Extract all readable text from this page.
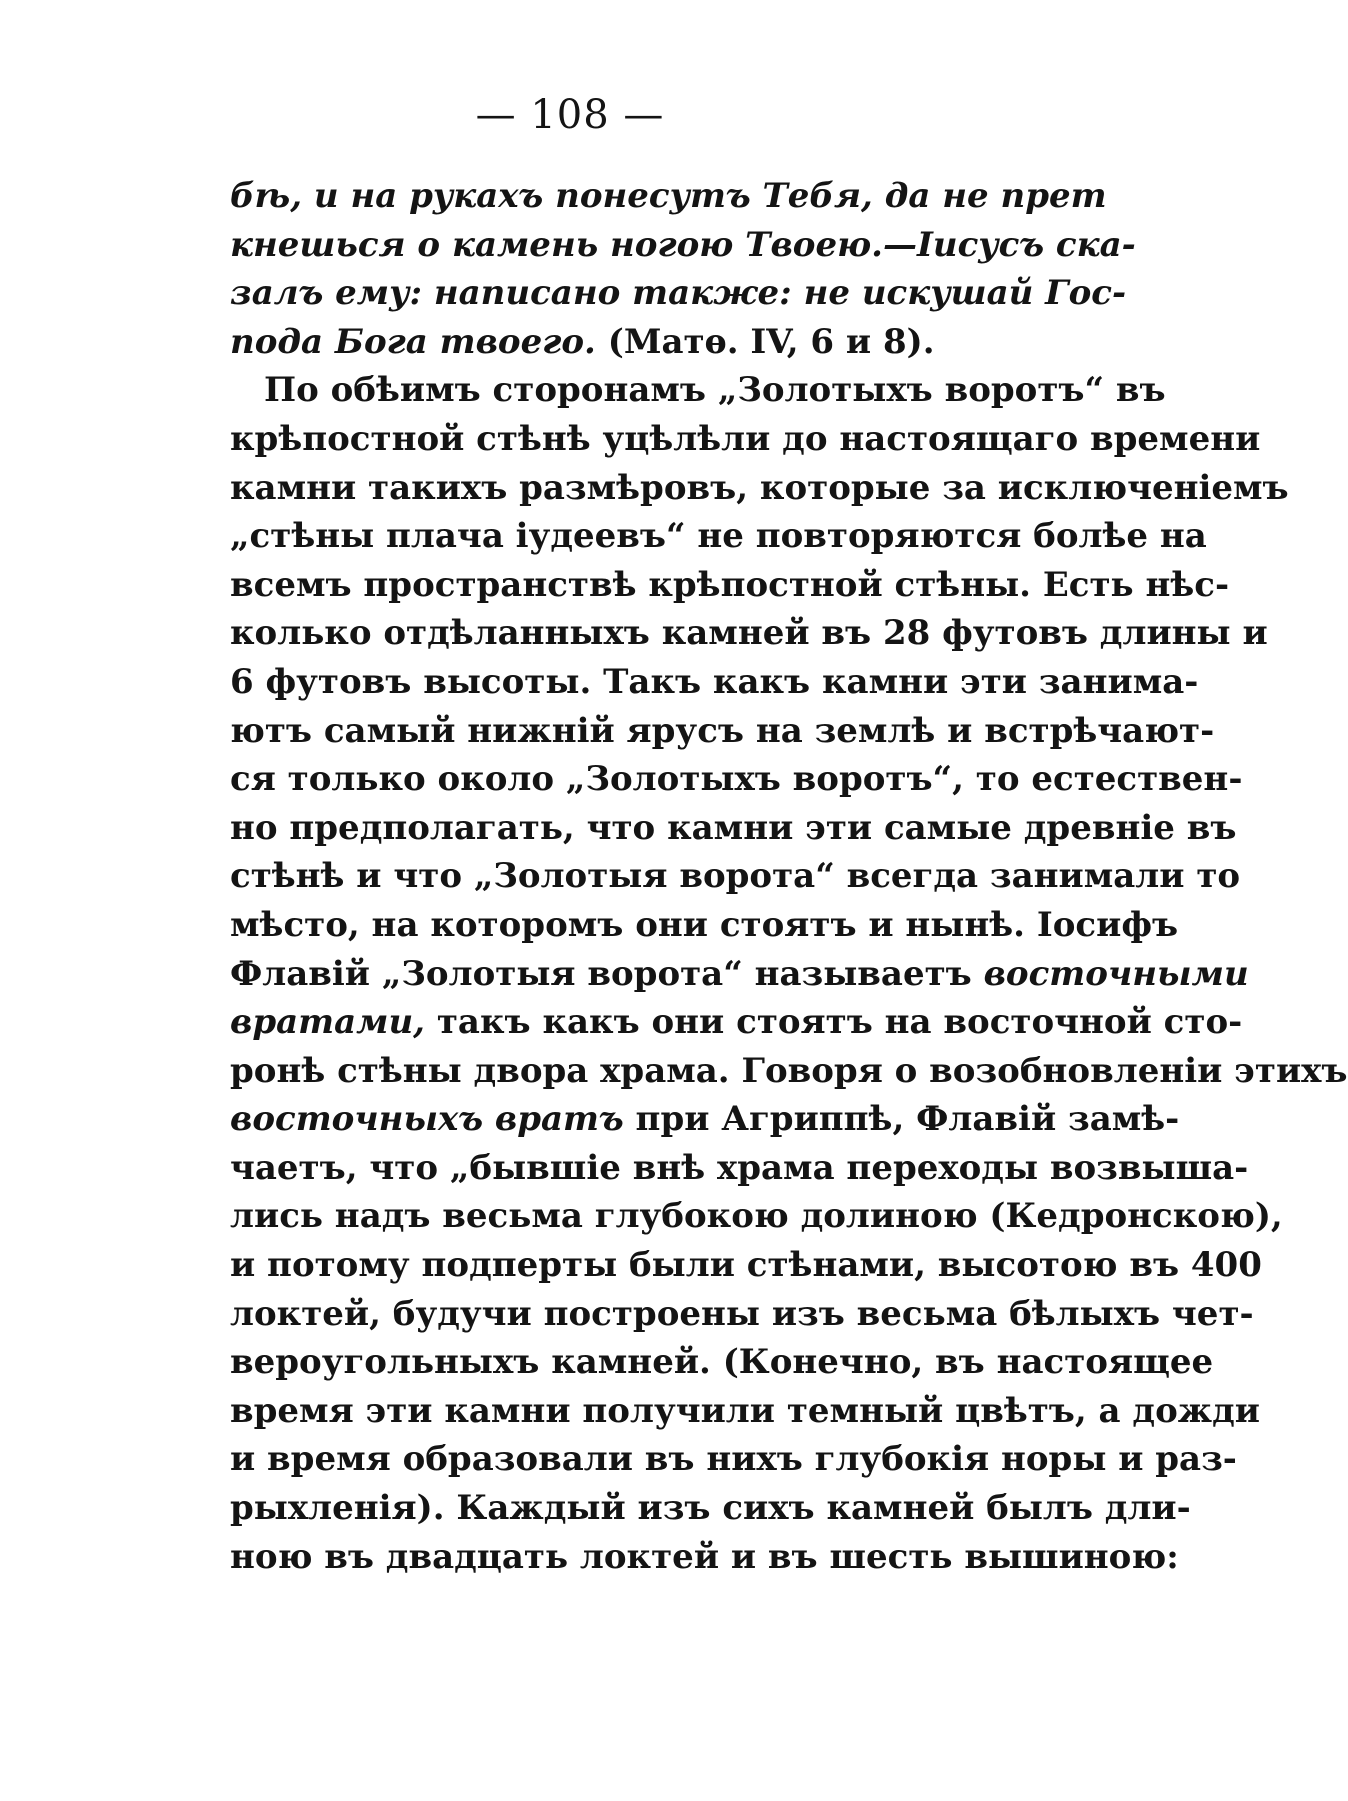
— 108 —
бѣ, и на рукахъ понесутъ Тебя, да не прет
кнешься о камень ногою Твоею.—Іисусъ ска-
залъ ему: написано также: не искушай Гос-
пода Бога твоего. (Матѳ. IV, 6 и 8).
По обѣимъ сторонамъ „Золотыхъ воротъ“ въ
крѣпостной стѣнѣ уцѣлѣли до настоящаго времени
камни такихъ размѣровъ, которые за исключеніемъ
„стѣны плача іудеевъ“ не повторяются болѣе на
всемъ пространствѣ крѣпостной стѣны. Есть нѣс-
колько отдѣланныхъ камней въ 28 футовъ длины и
6 футовъ высоты. Такъ какъ камни эти занима-
ютъ самый нижній ярусъ на землѣ и встрѣчают-
ся только около „Золотыхъ воротъ“, то естествен-
но предполагать, что камни эти самые древніе въ
стѣнѣ и что „Золотыя ворота“ всегда занимали то
мѣсто, на которомъ они стоятъ и нынѣ. Іосифъ
Флавій „Золотыя ворота“ называетъ восточными
вратами, такъ какъ они стоятъ на восточной сто-
ронѣ стѣны двора храма. Говоря о возобновленіи этихъ
восточныхъ вратъ при Агриппѣ, Флавій замѣ-
чаетъ, что „бывшіе внѣ храма переходы возвыша-
лись надъ весьма глубокою долиною (Кедронскою),
и потому подперты были стѣнами, высотою въ 400
локтей, будучи построены изъ весьма бѣлыхъ чет-
вероугольныхъ камней. (Конечно, въ настоящее
время эти камни получили темный цвѣтъ, а дожди
и время образовали въ нихъ глубокія норы и раз-
рыхленія). Каждый изъ сихъ камней былъ дли-
ною въ двадцать локтей и въ шесть вышиною:
